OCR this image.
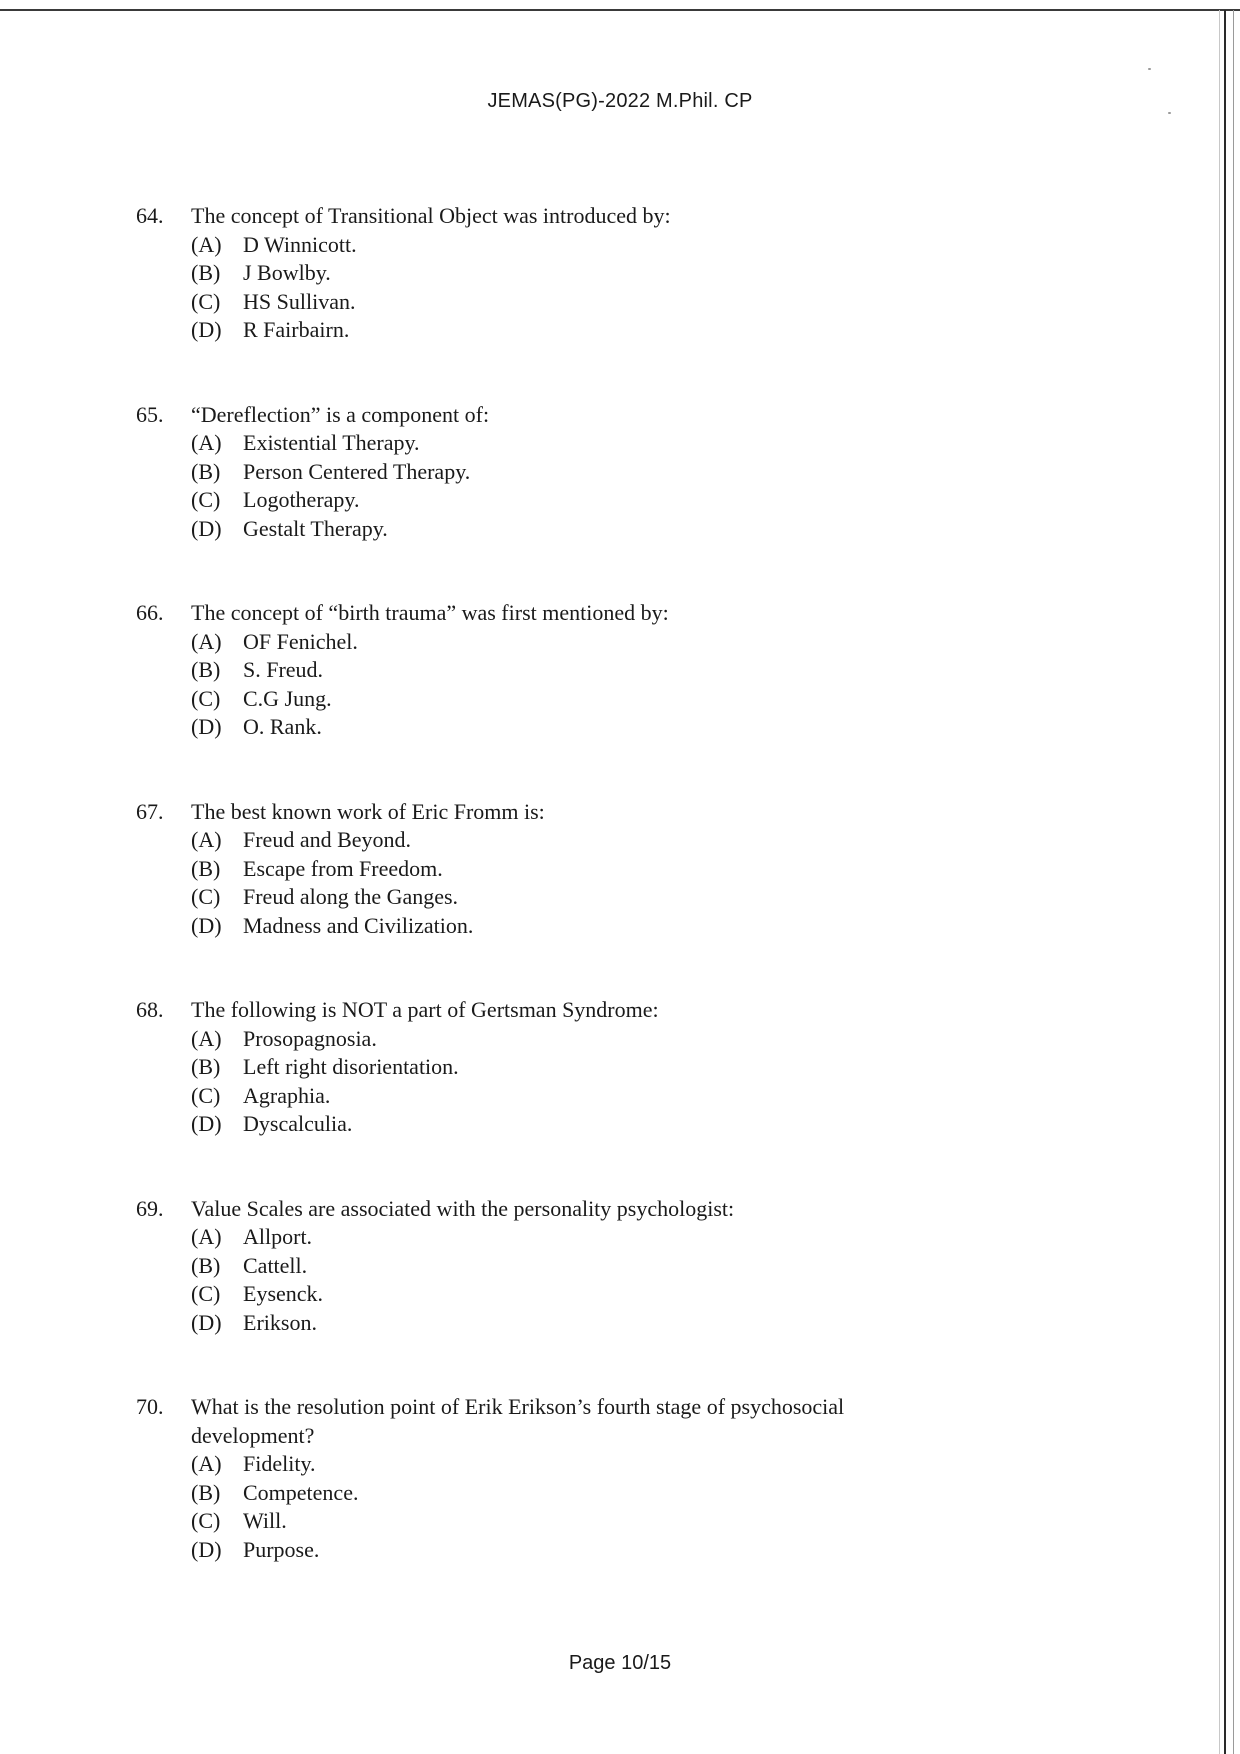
JEMAS(PG)-2022 M.Phil. CP
64.	The concept of Transitional Object was introduced by:
(A) D Winnicott.
(B)	J Bowlby.
(C)	HS Sullivan.
(D) R Fairbairn.
65.	“Dereflection” is a component of:
(A) Existential Therapy.
(B)	Person Centered Therapy.
(C)	Logotherapy.
(D) Gestalt Therapy.
66.	The concept of “birth trauma” was first mentioned by:
(A) OF Fenichel.
(B)	S. Freud.
(C)	C.G Jung.
(D) O. Rank.
67.	The best known work of Eric Fromm is:
(A) Freud and Beyond.
(B)	Escape from Freedom.
(C)	Freud along the Ganges.
(D) Madness and Civilization.
68.	The following is NOT a part of Gertsman Syndrome:
(A) Prosopagnosia.
(B)	Left right disorientation.
(C)	Agraphia.
(D) Dyscalculia.
69.	Value Scales are associated with the personality psychologist:
(A) Allport.
(B)	Cattell.
(C)	Eysenck.
(D) Erikson.
70.	What is the resolution point of Erik Erikson’s fourth stage of psychosocial development?
(A) Fidelity.
(B)	Competence.
(C)	Will.
(D) Purpose.
Page 10/15
